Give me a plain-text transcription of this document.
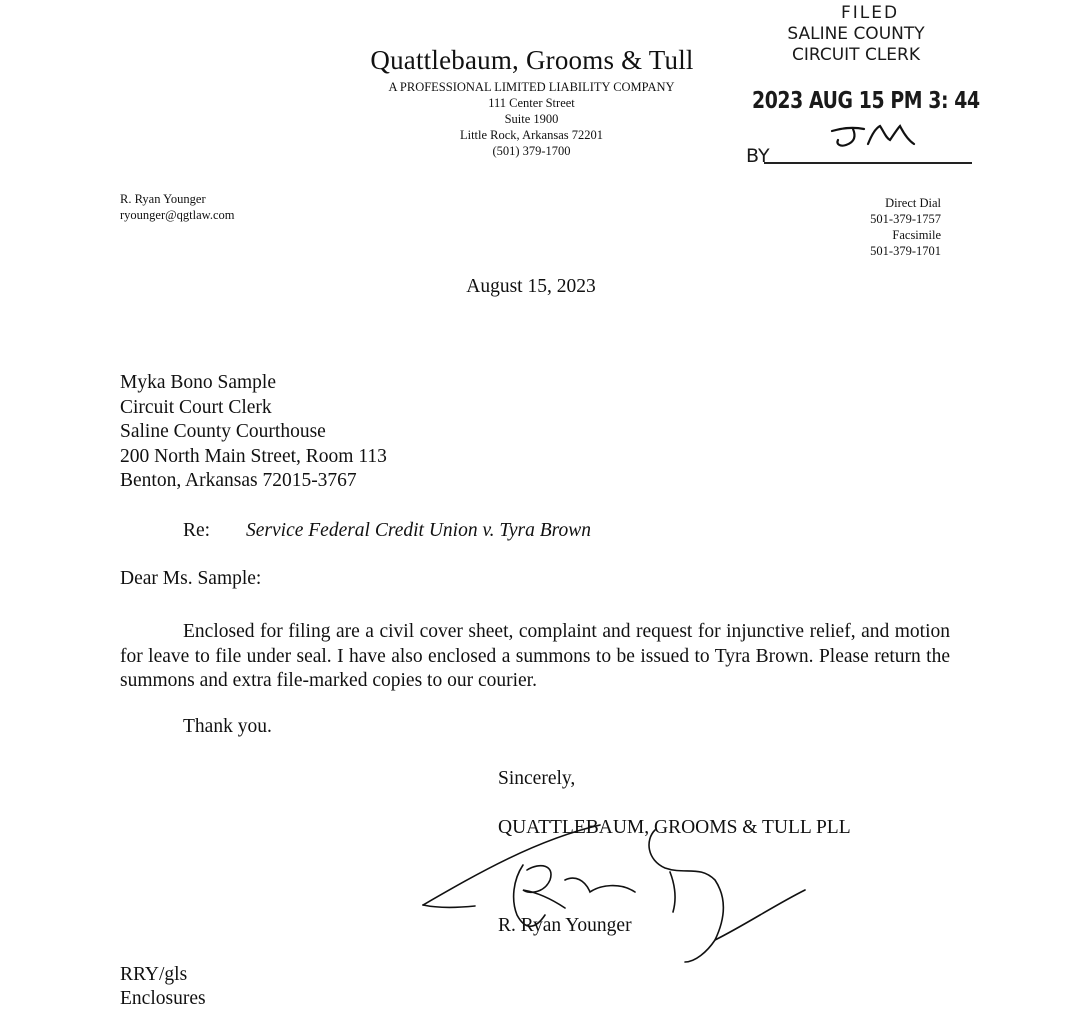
Quattlebaum, Grooms & Tull
A PROFESSIONAL LIMITED LIABILITY COMPANY
111 Center Street
Suite 1900
Little Rock, Arkansas 72201
(501) 379-1700
FILED
SALINE COUNTY
CIRCUIT CLERK
2023 AUG 15 PM 3: 44
BY
R. Ryan Younger
ryounger@qgtlaw.com
Direct Dial
501-379-1757
Facsimile
501-379-1701
August 15, 2023
Myka Bono Sample
Circuit Court Clerk
Saline County Courthouse
200 North Main Street, Room 113
Benton, Arkansas 72015-3767
Re: Service Federal Credit Union v. Tyra Brown
Dear Ms. Sample:
Enclosed for filing are a civil cover sheet, complaint and request for injunctive relief, and motion for leave to file under seal. I have also enclosed a summons to be issued to Tyra Brown. Please return the summons and extra file-marked copies to our courier.
Thank you.
Sincerely,
QUATTLEBAUM, GROOMS & TULL PLL
R. Ryan Younger
RRY/gls
Enclosures
